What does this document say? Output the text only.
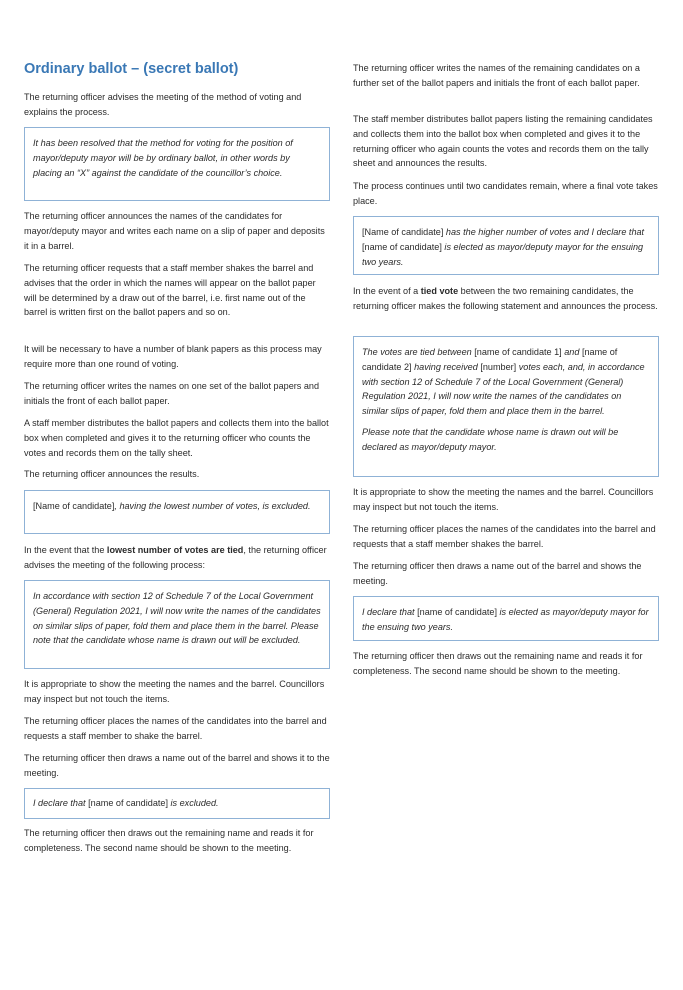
Ordinary ballot – (secret ballot)

The returning officer advises the meeting of the method of voting and explains the process.

It has been resolved that the method for voting for the position of mayor/deputy mayor will be by ordinary ballot, in other words by placing an “X” against the candidate of the councillor’s choice.

The returning officer announces the names of the candidates for mayor/deputy mayor and writes each name on a slip of paper and deposits it in a barrel.

The returning officer requests that a staff member shakes the barrel and advises that the order in which the names will appear on the ballot paper will be determined by a draw out of the barrel, i.e. first name out of the barrel is written first on the ballot papers and so on.

It will be necessary to have a number of blank papers as this process may require more than one round of voting.

The returning officer writes the names on one set of the ballot papers and initials the front of each ballot paper.

A staff member distributes the ballot papers and collects them into the ballot box when completed and gives it to the returning officer who counts the votes and records them on the tally sheet.

The returning officer announces the results.

[Name of candidate], having the lowest number of votes, is excluded.

In the event that the lowest number of votes are tied, the returning officer advises the meeting of the following process:

In accordance with section 12 of Schedule 7 of the Local Government (General) Regulation 2021, I will now write the names of the candidates on similar slips of paper, fold them and place them in the barrel. Please note that the candidate whose name is drawn out will be excluded.

It is appropriate to show the meeting the names and the barrel. Councillors may inspect but not touch the items.

The returning officer places the names of the candidates into the barrel and requests a staff member to shake the barrel.

The returning officer then draws a name out of the barrel and shows it to the meeting.

I declare that [name of candidate] is excluded.

The returning officer then draws out the remaining name and reads it for completeness. The second name should be shown to the meeting.

The returning officer writes the names of the remaining candidates on a further set of the ballot papers and initials the front of each ballot paper.

The staff member distributes ballot papers listing the remaining candidates and collects them into the ballot box when completed and gives it to the returning officer who again counts the votes and records them on the tally sheet and announces the results.

The process continues until two candidates remain, where a final vote takes place.

[Name of candidate] has the higher number of votes and I declare that [name of candidate] is elected as mayor/deputy mayor for the ensuing two years.

In the event of a tied vote between the two remaining candidates, the returning officer makes the following statement and announces the process.

The votes are tied between [name of candidate 1] and [name of candidate 2] having received [number] votes each, and, in accordance with section 12 of Schedule 7 of the Local Government (General) Regulation 2021, I will now write the names of the candidates on similar slips of paper, fold them and place them in the barrel.

Please note that the candidate whose name is drawn out will be declared as mayor/deputy mayor.

It is appropriate to show the meeting the names and the barrel. Councillors may inspect but not touch the items.

The returning officer places the names of the candidates into the barrel and requests that a staff member shakes the barrel.

The returning officer then draws a name out of the barrel and shows the meeting.

I declare that [name of candidate] is elected as mayor/deputy mayor for the ensuing two years.

The returning officer then draws out the remaining name and reads it for completeness. The second name should be shown to the meeting.
